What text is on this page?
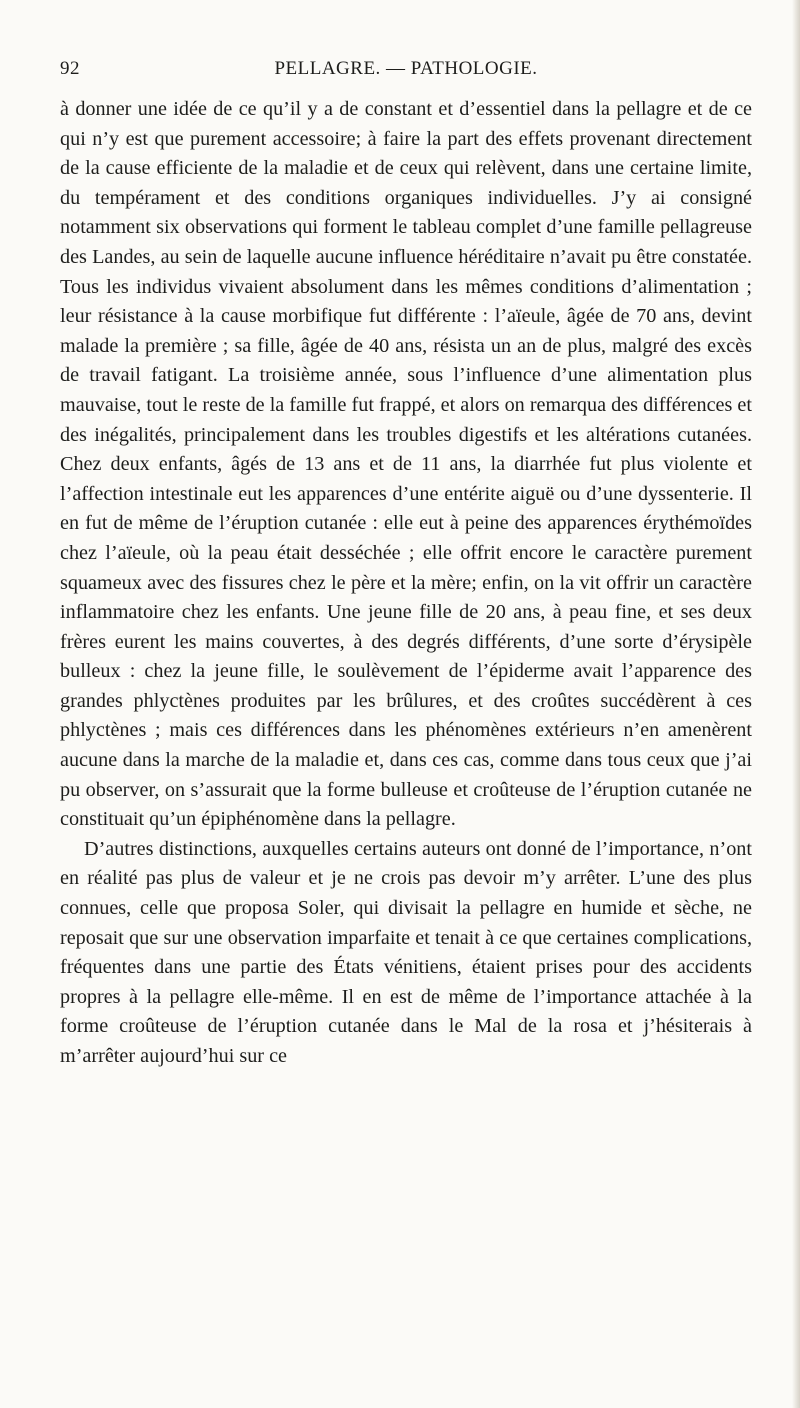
92	PELLAGRE. — PATHOLOGIE.

à donner une idée de ce qu’il y a de constant et d’essentiel dans la pellagre et de ce qui n’y est que purement accessoire; à faire la part des effets provenant directement de la cause efficiente de la maladie et de ceux qui relèvent, dans une certaine limite, du tempérament et des conditions organiques individuelles. J’y ai consigné notamment six observations qui forment le tableau complet d’une famille pellagreuse des Landes, au sein de laquelle aucune influence héréditaire n’avait pu être constatée. Tous les individus vivaient absolument dans les mêmes conditions d’alimentation ; leur résistance à la cause morbifique fut différente : l’aïeule, âgée de 70 ans, devint malade la première ; sa fille, âgée de 40 ans, résista un an de plus, malgré des excès de travail fatigant. La troisième année, sous l’influence d’une alimentation plus mauvaise, tout le reste de la famille fut frappé, et alors on remarqua des différences et des inégalités, principalement dans les troubles digestifs et les altérations cutanées. Chez deux enfants, âgés de 13 ans et de 11 ans, la diarrhée fut plus violente et l’affection intestinale eut les apparences d’une entérite aiguë ou d’une dyssenterie. Il en fut de même de l’éruption cutanée : elle eut à peine des apparences érythémoïdes chez l’aïeule, où la peau était desséchée ; elle offrit encore le caractère purement squameux avec des fissures chez le père et la mère; enfin, on la vit offrir un caractère inflammatoire chez les enfants. Une jeune fille de 20 ans, à peau fine, et ses deux frères eurent les mains couvertes, à des degrés différents, d’une sorte d’érysipèle bulleux : chez la jeune fille, le soulèvement de l’épiderme avait l’apparence des grandes phlyctènes produites par les brûlures, et des croûtes succédèrent à ces phlyctènes ; mais ces différences dans les phénomènes extérieurs n’en amenèrent aucune dans la marche de la maladie et, dans ces cas, comme dans tous ceux que j’ai pu observer, on s’assurait que la forme bulleuse et croûteuse de l’éruption cutanée ne constituait qu’un épiphénomène dans la pellagre.

D’autres distinctions, auxquelles certains auteurs ont donné de l’importance, n’ont en réalité pas plus de valeur et je ne crois pas devoir m’y arrêter. L’une des plus connues, celle que proposa Soler, qui divisait la pellagre en humide et sèche, ne reposait que sur une observation imparfaite et tenait à ce que certaines complications, fréquentes dans une partie des États vénitiens, étaient prises pour des accidents propres à la pellagre elle-même. Il en est de même de l’importance attachée à la forme croûteuse de l’éruption cutanée dans le Mal de la rosa et j’hésiterais à m’arrêter aujourd’hui sur ce
